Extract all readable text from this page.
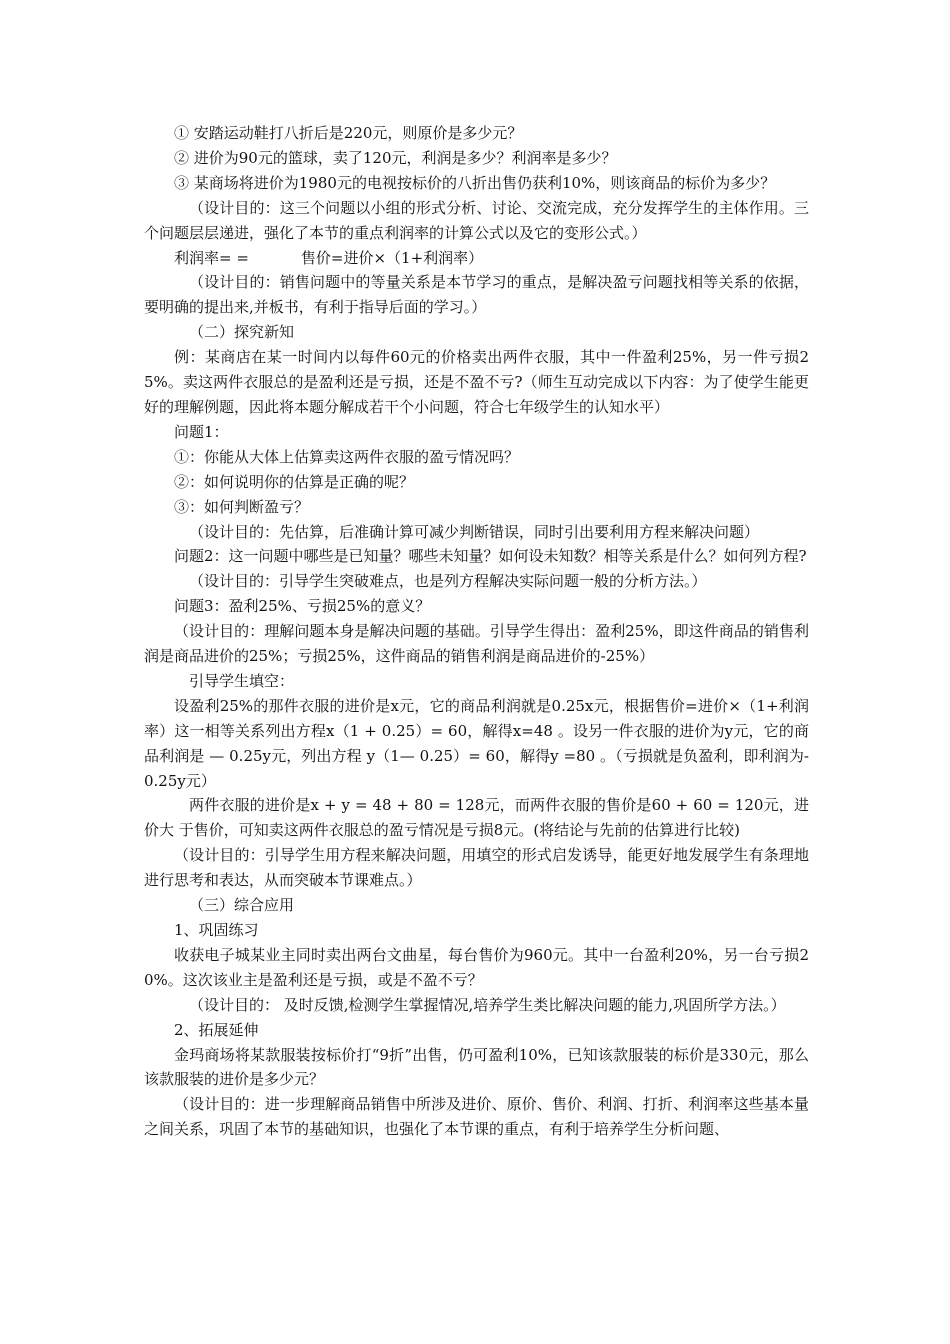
① 安踏运动鞋打八折后是220元，则原价是多少元？

② 进价为90元的篮球，卖了120元，利润是多少？利润率是多少？

③ 某商场将进价为1980元的电视按标价的八折出售仍获利10%，则该商品的标价为多少？

（设计目的：这三个问题以小组的形式分析、讨论、交流完成，充分发挥学生的主体作用。三个问题层层递进，强化了本节的重点利润率的计算公式以及它的变形公式。）

利润率= =	售价=进价×（1+利润率）

（设计目的：销售问题中的等量关系是本节学习的重点，是解决盈亏问题找相等关系的依据，要明确的提出来,并板书，有利于指导后面的学习。）

（二）探究新知

例：某商店在某一时间内以每件60元的价格卖出两件衣服，其中一件盈利25%，另一件亏损25%。卖这两件衣服总的是盈利还是亏损，还是不盈不亏?（师生互动完成以下内容：为了使学生能更好的理解例题，因此将本题分解成若干个小问题，符合七年级学生的认知水平）

问题1：

①：你能从大体上估算卖这两件衣服的盈亏情况吗？

②：如何说明你的估算是正确的呢？

③：如何判断盈亏？

（设计目的：先估算，后准确计算可减少判断错误，同时引出要利用方程来解决问题）

问题2：这一问题中哪些是已知量？哪些未知量？如何设未知数？相等关系是什么？如何列方程?

（设计目的：引导学生突破难点，也是列方程解决实际问题一般的分析方法。）

问题3：盈利25%、亏损25%的意义？

（设计目的：理解问题本身是解决问题的基础。引导学生得出：盈利25%，即这件商品的销售利润是商品进价的25%；亏损25%，这件商品的销售利润是商品进价的-25%）

引导学生填空：

设盈利25%的那件衣服的进价是x元，它的商品利润就是0.25x元，根据售价=进价×（1+利润率）这一相等关系列出方程x（1 + 0.25）= 60，解得x=48 。设另一件衣服的进价为y元，它的商品利润是 — 0.25y元，列出方程 y（1— 0.25）= 60，解得y =80 。（亏损就是负盈利，即利润为-0.25y元）

两件衣服的进价是x + y = 48 + 80 = 128元，而两件衣服的售价是60 + 60 = 120元，进价大 于售价，可知卖这两件衣服总的盈亏情况是亏损8元。(将结论与先前的估算进行比较)

（设计目的：引导学生用方程来解决问题，用填空的形式启发诱导，能更好地发展学生有条理地进行思考和表达，从而突破本节课难点。）

（三）综合应用

1、巩固练习

收获电子城某业主同时卖出两台文曲星，每台售价为960元。其中一台盈利20%，另一台亏损20%。这次该业主是盈利还是亏损，或是不盈不亏？

（设计目的： 及时反馈,检测学生掌握情况,培养学生类比解决问题的能力,巩固所学方法。）

2、拓展延伸

金玛商场将某款服装按标价打“9折”出售，仍可盈利10%，已知该款服装的标价是330元，那么该款服装的进价是多少元？

（设计目的：进一步理解商品销售中所涉及进价、原价、售价、利润、打折、利润率这些基本量之间关系，巩固了本节的基础知识，也强化了本节课的重点，有利于培养学生分析问题、
